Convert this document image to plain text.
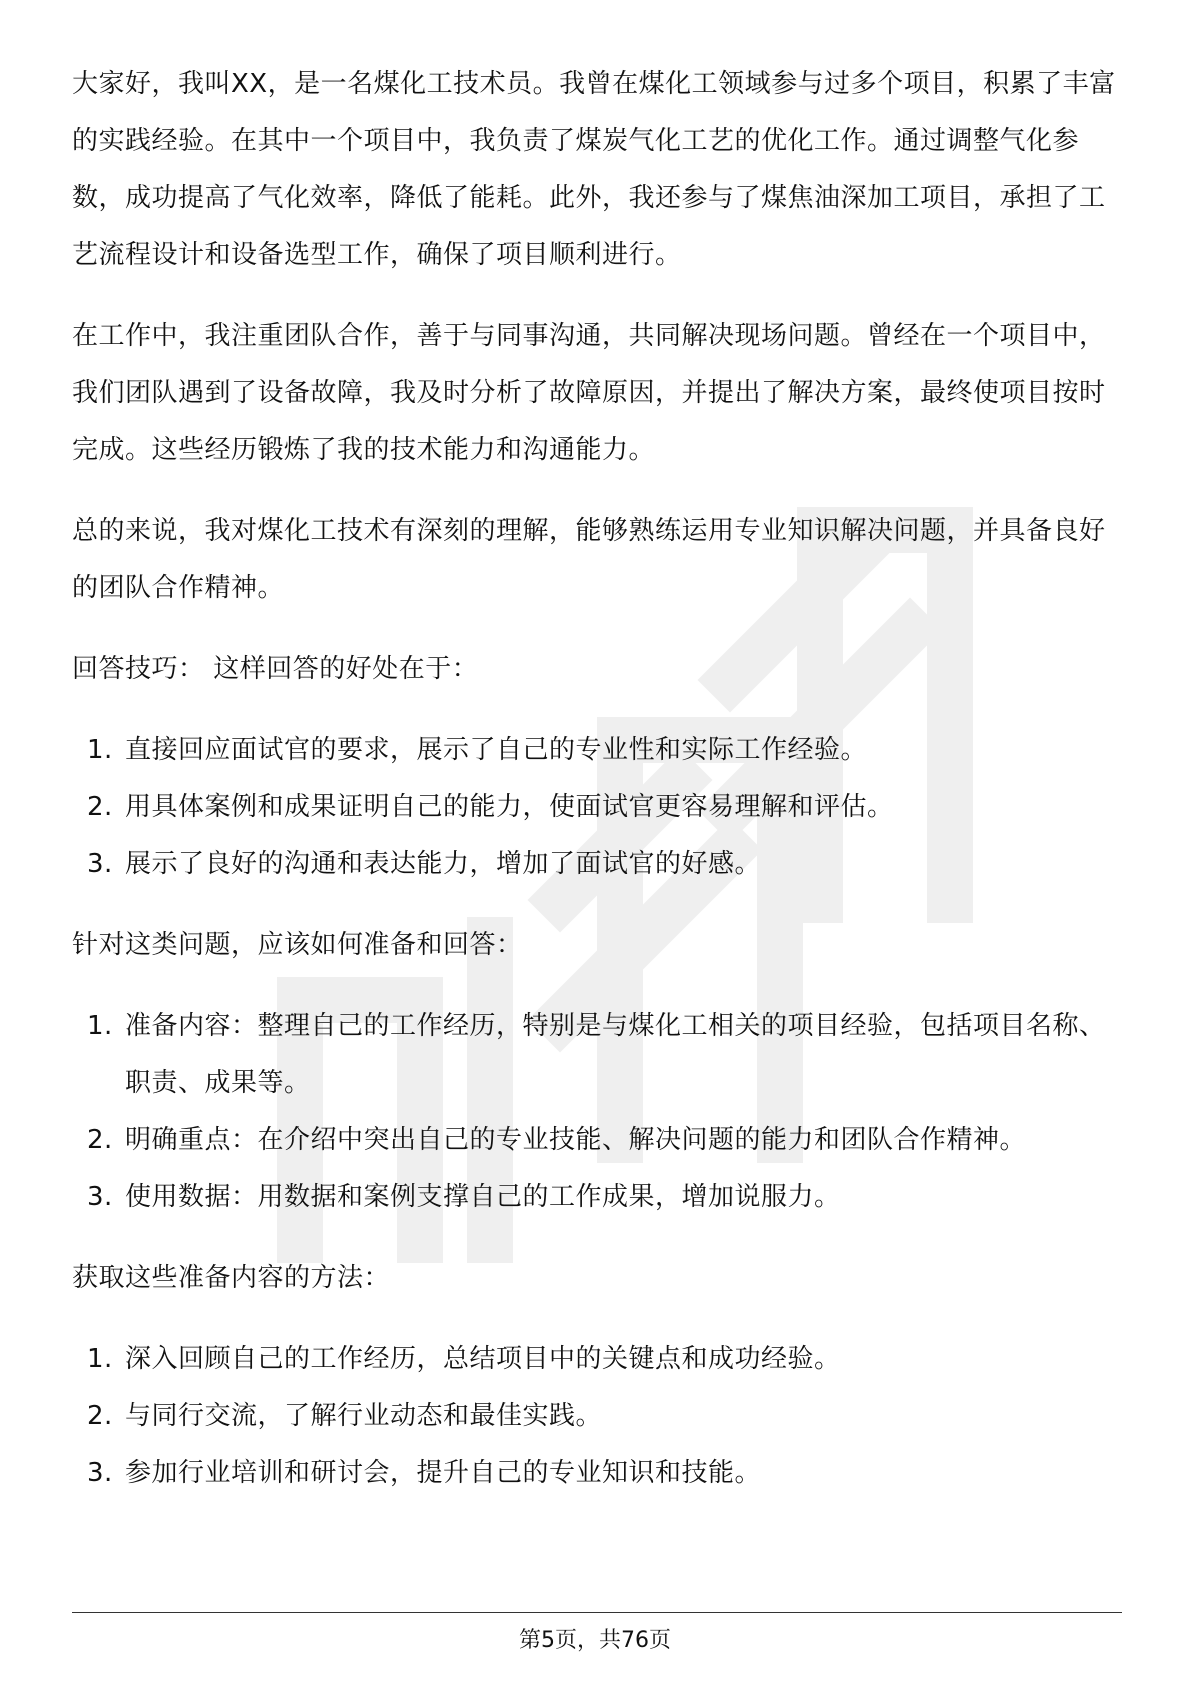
大家好，我叫XX，是一名煤化工技术员。我曾在煤化工领域参与过多个项目，积累了丰富的实践经验。在其中一个项目中，我负责了煤炭气化工艺的优化工作。通过调整气化参数，成功提高了气化效率，降低了能耗。此外，我还参与了煤焦油深加工项目，承担了工艺流程设计和设备选型工作，确保了项目顺利进行。

在工作中，我注重团队合作，善于与同事沟通，共同解决现场问题。曾经在一个项目中，我们团队遇到了设备故障，我及时分析了故障原因，并提出了解决方案，最终使项目按时完成。这些经历锻炼了我的技术能力和沟通能力。

总的来说，我对煤化工技术有深刻的理解，能够熟练运用专业知识解决问题，并具备良好的团队合作精神。

回答技巧： 这样回答的好处在于：

1. 直接回应面试官的要求，展示了自己的专业性和实际工作经验。
2. 用具体案例和成果证明自己的能力，使面试官更容易理解和评估。
3. 展示了良好的沟通和表达能力，增加了面试官的好感。

针对这类问题，应该如何准备和回答：

1. 准备内容：整理自己的工作经历，特别是与煤化工相关的项目经验，包括项目名称、职责、成果等。
2. 明确重点：在介绍中突出自己的专业技能、解决问题的能力和团队合作精神。
3. 使用数据：用数据和案例支撑自己的工作成果，增加说服力。

获取这些准备内容的方法：

1. 深入回顾自己的工作经历，总结项目中的关键点和成功经验。
2. 与同行交流，了解行业动态和最佳实践。
3. 参加行业培训和研讨会，提升自己的专业知识和技能。
第5页，共76页
